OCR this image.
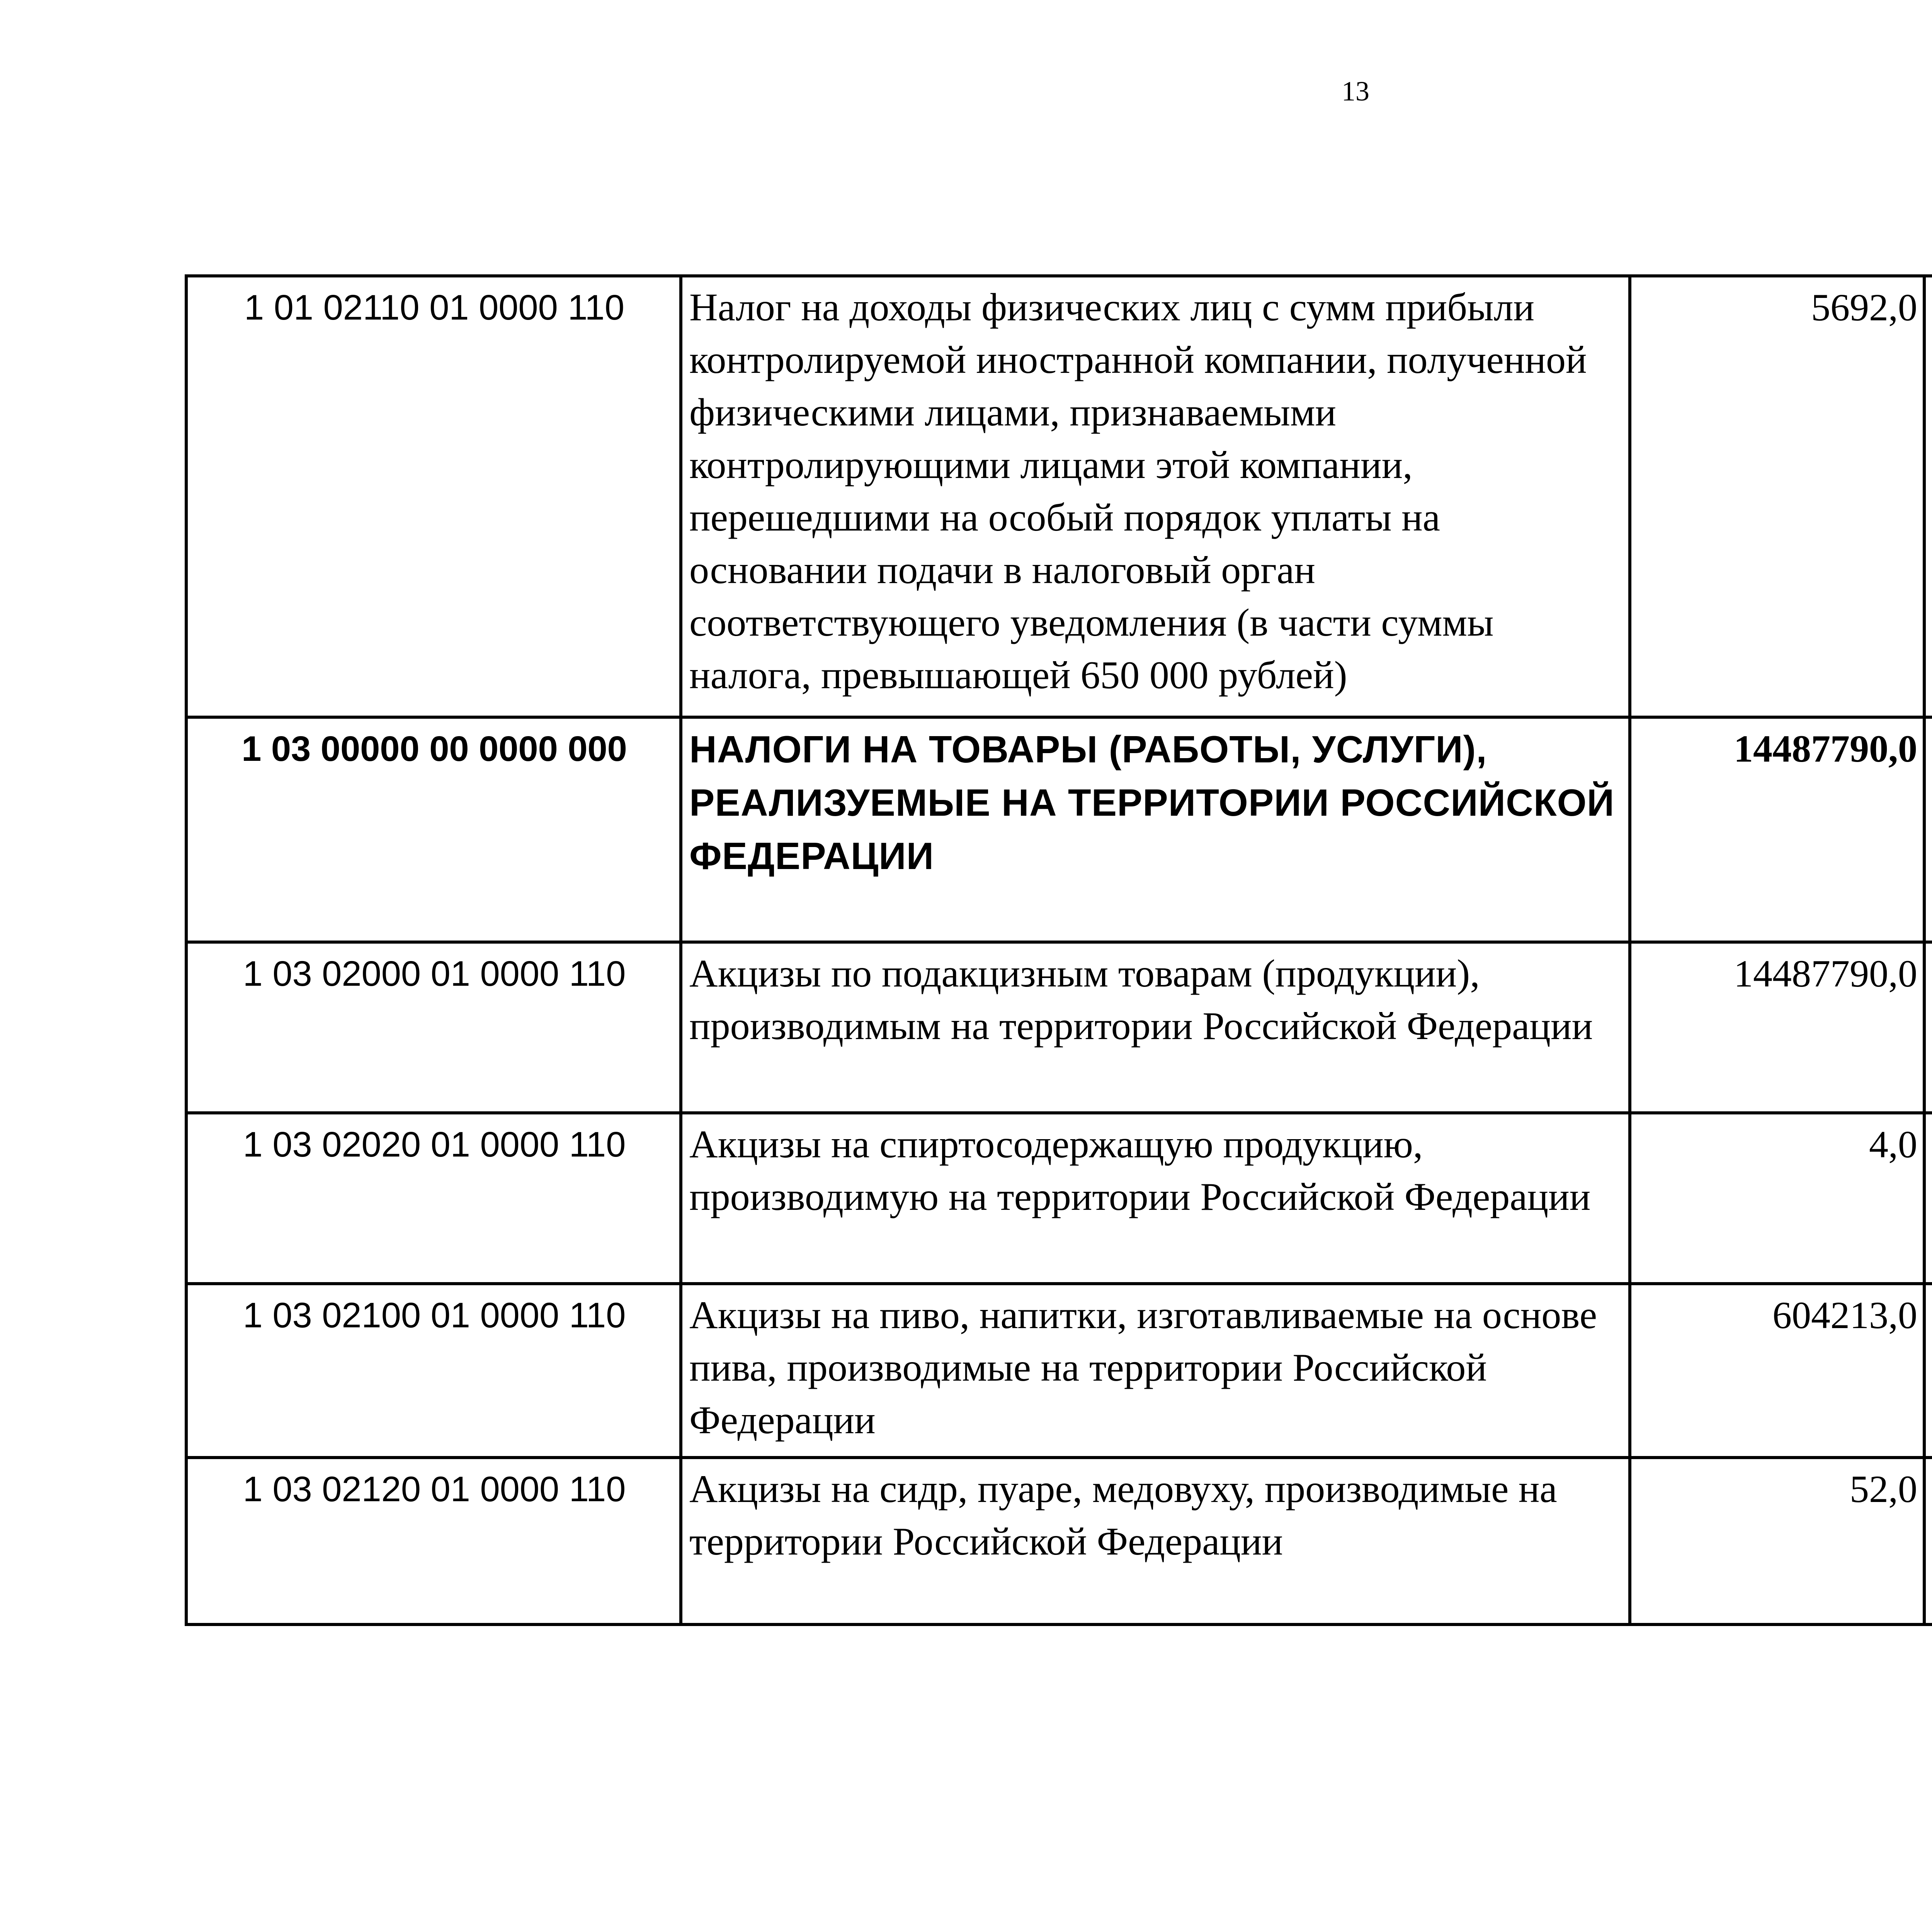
13
1 01 02110 01 0000 110	Налог на доходы физических лиц с сумм прибыли контролируемой иностранной компании, полученной физическими лицами, признаваемыми контролирующими лицами этой компании, перешедшими на особый порядок уплаты на основании подачи в налоговый орган соответствующего уведомления (в части суммы налога, превышающей 650 000 рублей)	5692,0		
1 03 00000 00 0000 000	НАЛОГИ НА ТОВАРЫ (РАБОТЫ, УСЛУГИ), РЕАЛИЗУЕМЫЕ НА ТЕРРИТОРИИ РОССИЙСКОЙ ФЕДЕРАЦИИ	14487790,0		
1 03 02000 01 0000 110	Акцизы по подакцизным товарам (продукции), производимым на территории Российской Федерации	14487790,0		
1 03 02020 01 0000 110	Акцизы на спиртосодержащую продукцию, производимую на территории Российской Федерации	4,0		
1 03 02100 01 0000 110	Акцизы на пиво, напитки, изготавливаемые на основе пива, производимые на территории Российской Федерации	604213,0		
1 03 02120 01 0000 110	Акцизы на сидр, пуаре, медовуху, производимые на территории Российской Федерации	52,0		
